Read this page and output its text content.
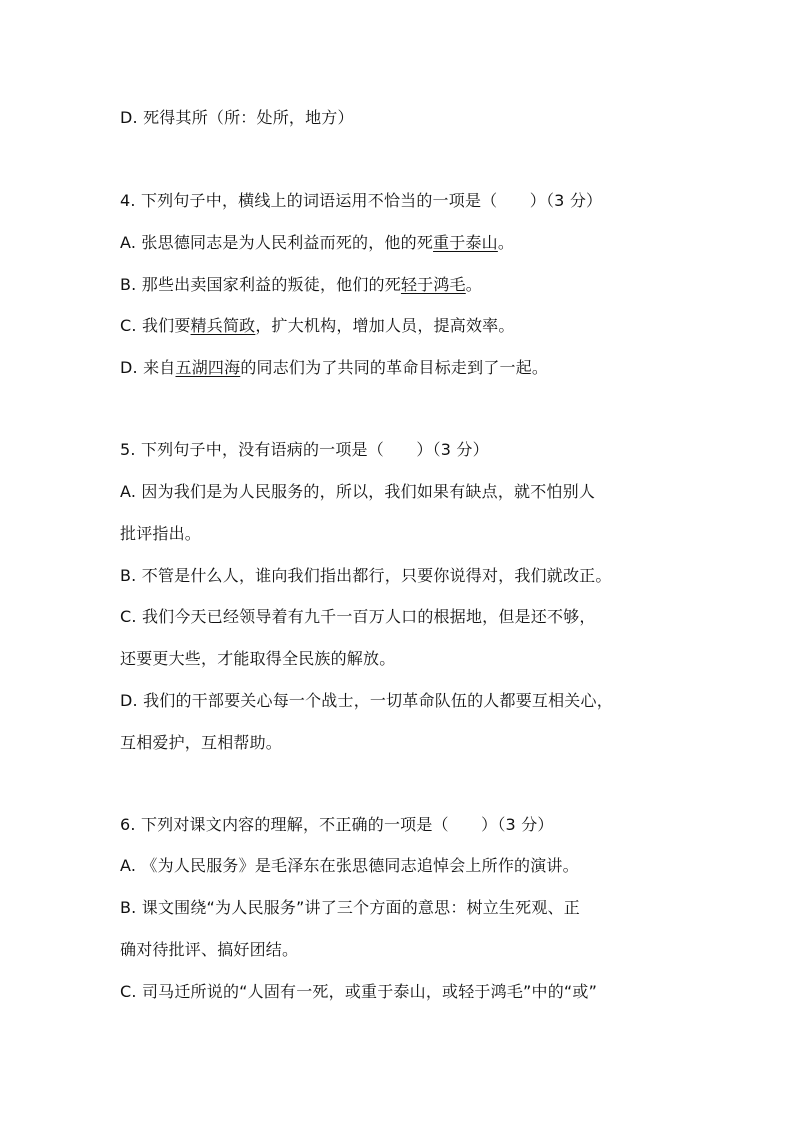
D. 死得其所（所：处所，地方）
4. 下列句子中，横线上的词语运用不恰当的一项是（　　）（3 分）
A. 张思德同志是为人民利益而死的，他的死重于泰山。
B. 那些出卖国家利益的叛徒，他们的死轻于鸿毛。
C. 我们要精兵简政，扩大机构，增加人员，提高效率。
D. 来自五湖四海的同志们为了共同的革命目标走到了一起。
5. 下列句子中，没有语病的一项是（　　）（3 分）
A. 因为我们是为人民服务的，所以，我们如果有缺点，就不怕别人
批评指出。
B. 不管是什么人，谁向我们指出都行，只要你说得对，我们就改正。
C. 我们今天已经领导着有九千一百万人口的根据地，但是还不够，
还要更大些，才能取得全民族的解放。
D. 我们的干部要关心每一个战士，一切革命队伍的人都要互相关心，
互相爱护，互相帮助。
6. 下列对课文内容的理解，不正确的一项是（　　）（3 分）
A. 《为人民服务》是毛泽东在张思德同志追悼会上所作的演讲。
B. 课文围绕“为人民服务”讲了三个方面的意思：树立生死观、正
确对待批评、搞好团结。
C. 司马迁所说的“人固有一死，或重于泰山，或轻于鸿毛”中的“或”
